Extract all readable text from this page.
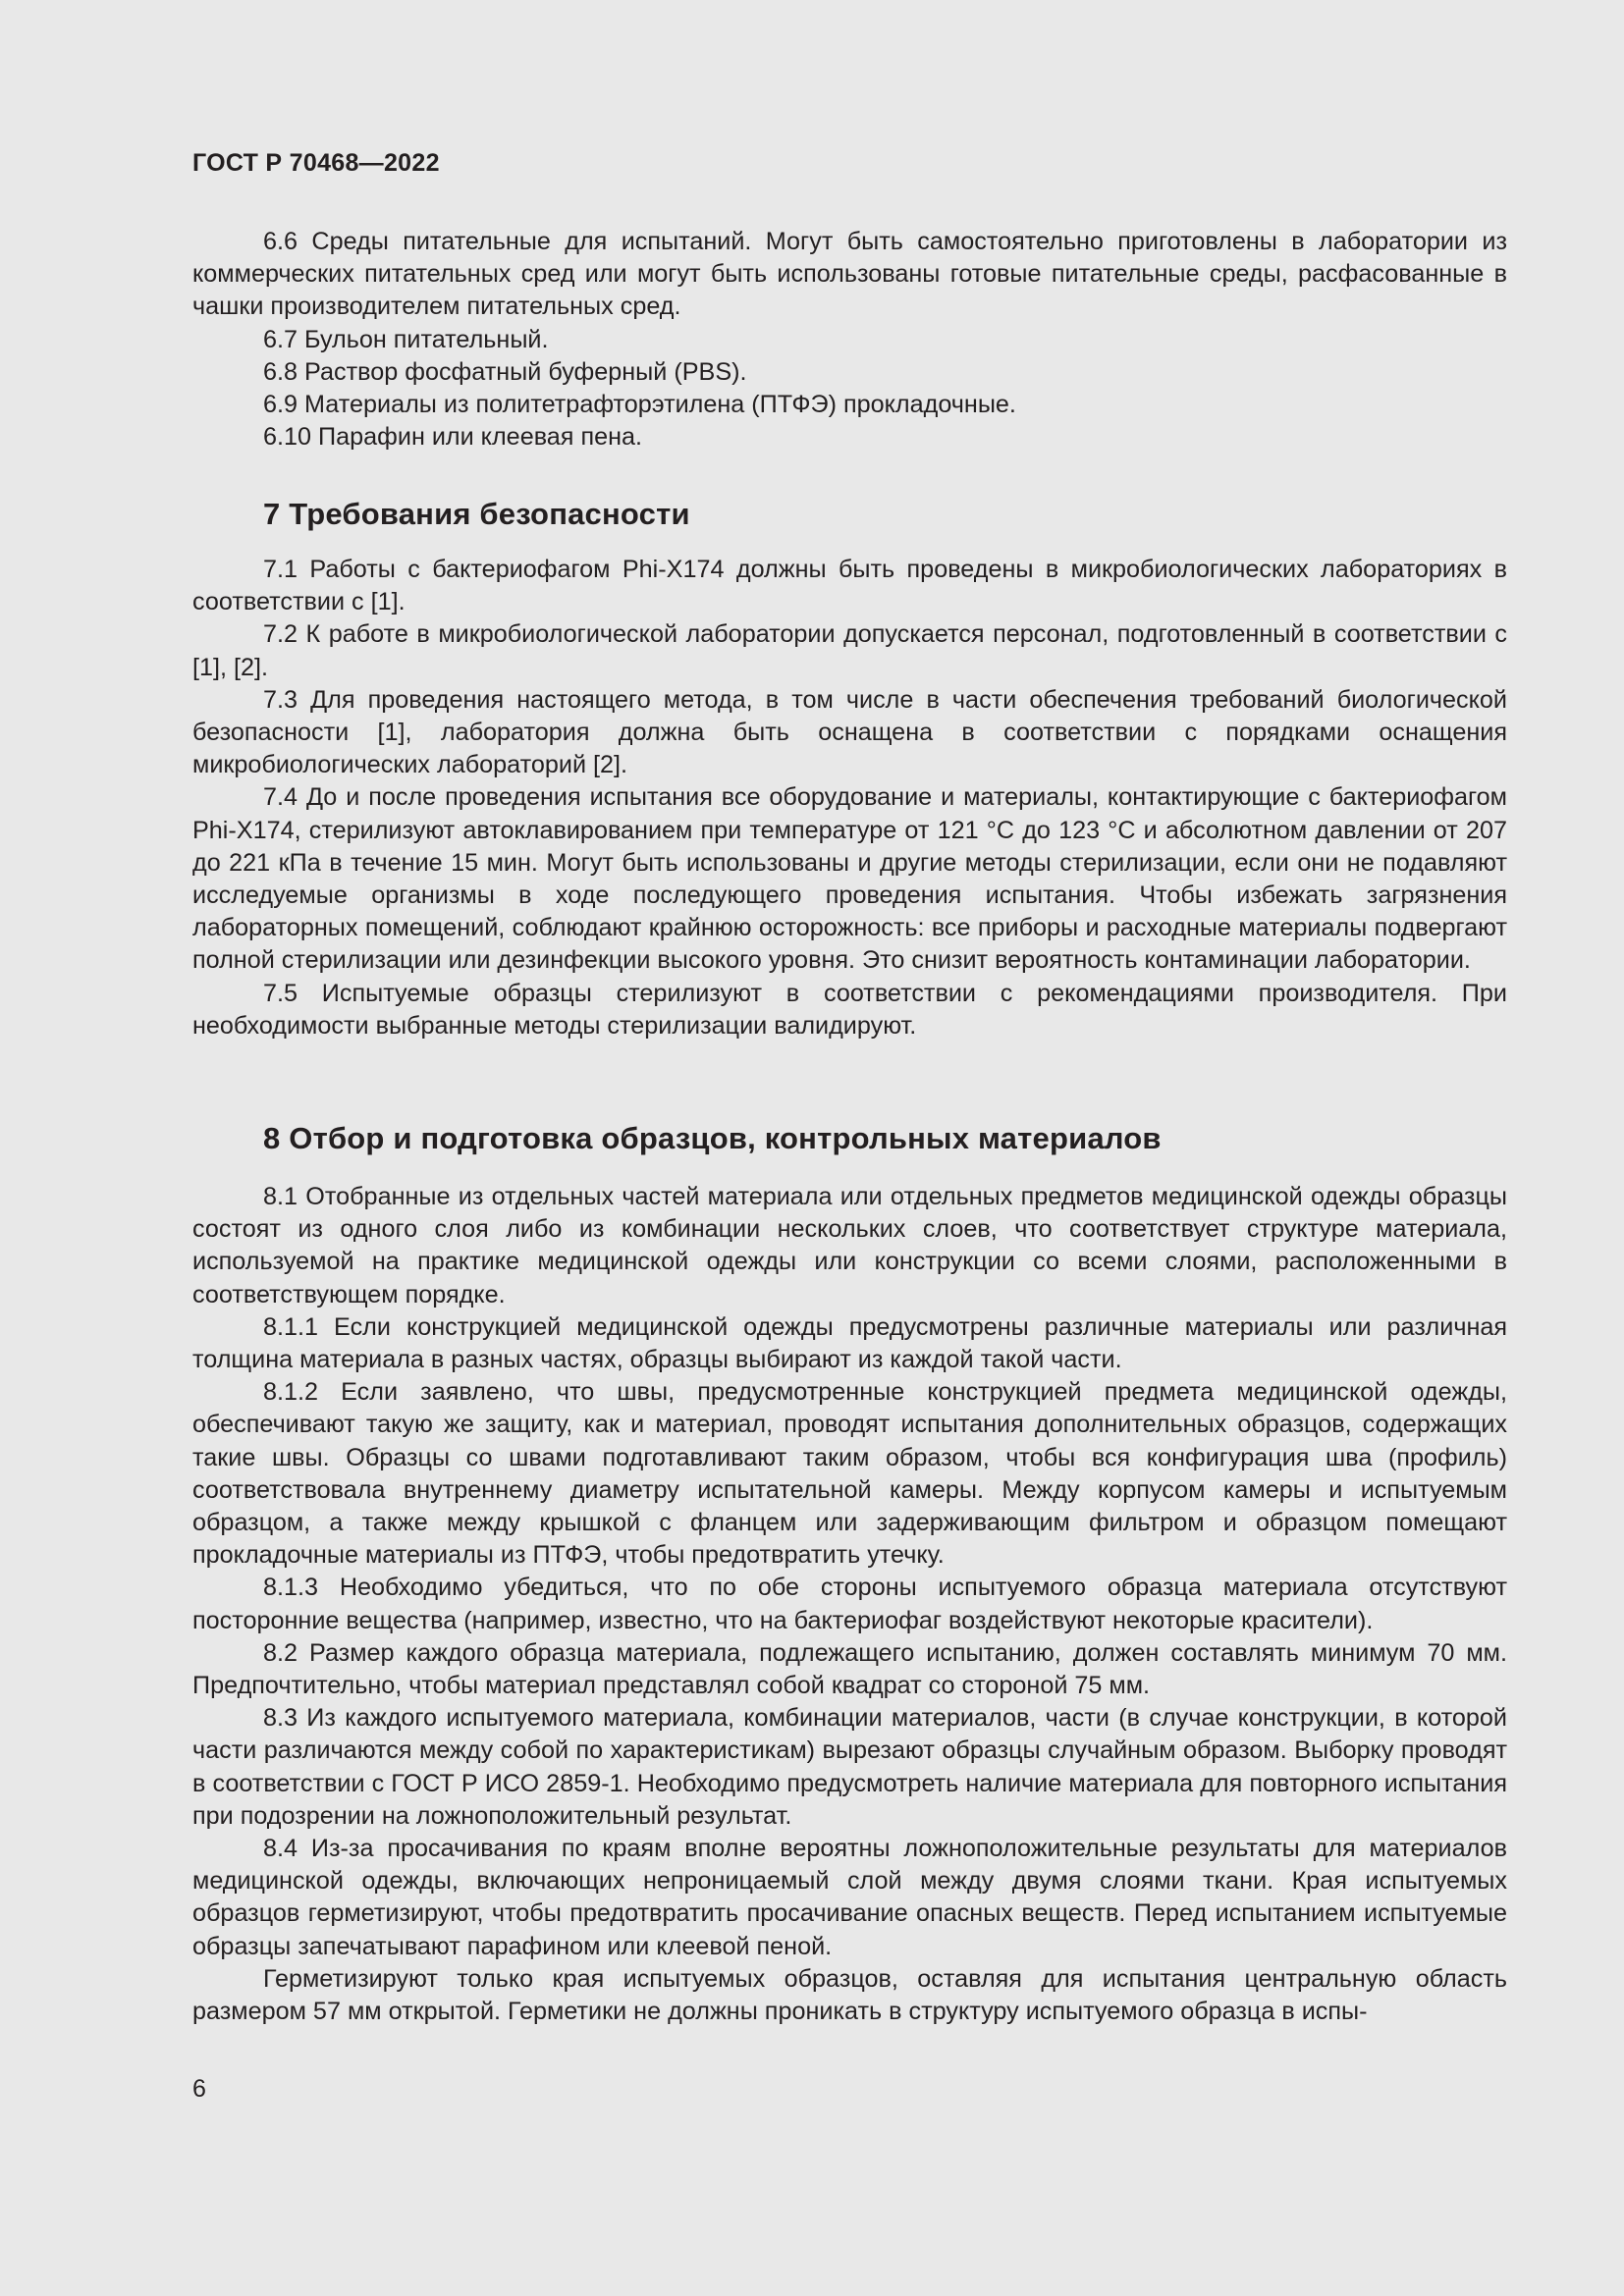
ГОСТ Р 70468—2022

6.6 Среды питательные для испытаний. Могут быть самостоятельно приготовлены в лаборатории из коммерческих питательных сред или могут быть использованы готовые питательные среды, расфасованные в чашки производителем питательных сред.

6.7 Бульон питательный.

6.8 Раствор фосфатный буферный (PBS).

6.9 Материалы из политетрафторэтилена (ПТФЭ) прокладочные.

6.10 Парафин или клеевая пена.

7 Требования безопасности

7.1 Работы с бактериофагом Phi-X174 должны быть проведены в микробиологических лабораториях в соответствии с [1].

7.2 К работе в микробиологической лаборатории допускается персонал, подготовленный в соответствии с [1], [2].

7.3 Для проведения настоящего метода, в том числе в части обеспечения требований биологической безопасности [1], лаборатория должна быть оснащена в соответствии с порядками оснащения микробиологических лабораторий [2].

7.4 До и после проведения испытания все оборудование и материалы, контактирующие с бактериофагом Phi-X174, стерилизуют автоклавированием при температуре от 121 °С до 123 °С и абсолютном давлении от 207 до 221 кПа в течение 15 мин. Могут быть использованы и другие методы стерилизации, если они не подавляют исследуемые организмы в ходе последующего проведения испытания. Чтобы избежать загрязнения лабораторных помещений, соблюдают крайнюю осторожность: все приборы и расходные материалы подвергают полной стерилизации или дезинфекции высокого уровня. Это снизит вероятность контаминации лаборатории.

7.5 Испытуемые образцы стерилизуют в соответствии с рекомендациями производителя. При необходимости выбранные методы стерилизации валидируют.

8 Отбор и подготовка образцов, контрольных материалов

8.1 Отобранные из отдельных частей материала или отдельных предметов медицинской одежды образцы состоят из одного слоя либо из комбинации нескольких слоев, что соответствует структуре материала, используемой на практике медицинской одежды или конструкции со всеми слоями, расположенными в соответствующем порядке.

8.1.1 Если конструкцией медицинской одежды предусмотрены различные материалы или различная толщина материала в разных частях, образцы выбирают из каждой такой части.

8.1.2 Если заявлено, что швы, предусмотренные конструкцией предмета медицинской одежды, обеспечивают такую же защиту, как и материал, проводят испытания дополнительных образцов, содержащих такие швы. Образцы со швами подготавливают таким образом, чтобы вся конфигурация шва (профиль) соответствовала внутреннему диаметру испытательной камеры. Между корпусом камеры и испытуемым образцом, а также между крышкой с фланцем или задерживающим фильтром и образцом помещают прокладочные материалы из ПТФЭ, чтобы предотвратить утечку.

8.1.3 Необходимо убедиться, что по обе стороны испытуемого образца материала отсутствуют посторонние вещества (например, известно, что на бактериофаг воздействуют некоторые красители).

8.2 Размер каждого образца материала, подлежащего испытанию, должен составлять минимум 70 мм. Предпочтительно, чтобы материал представлял собой квадрат со стороной 75 мм.

8.3 Из каждого испытуемого материала, комбинации материалов, части (в случае конструкции, в которой части различаются между собой по характеристикам) вырезают образцы случайным образом. Выборку проводят в соответствии с ГОСТ Р ИСО 2859-1. Необходимо предусмотреть наличие материала для повторного испытания при подозрении на ложноположительный результат.

8.4 Из-за просачивания по краям вполне вероятны ложноположительные результаты для материалов медицинской одежды, включающих непроницаемый слой между двумя слоями ткани. Края испытуемых образцов герметизируют, чтобы предотвратить просачивание опасных веществ. Перед испытанием испытуемые образцы запечатывают парафином или клеевой пеной.

Герметизируют только края испытуемых образцов, оставляя для испытания центральную область размером 57 мм открытой. Герметики не должны проникать в структуру испытуемого образца в испы-

6
